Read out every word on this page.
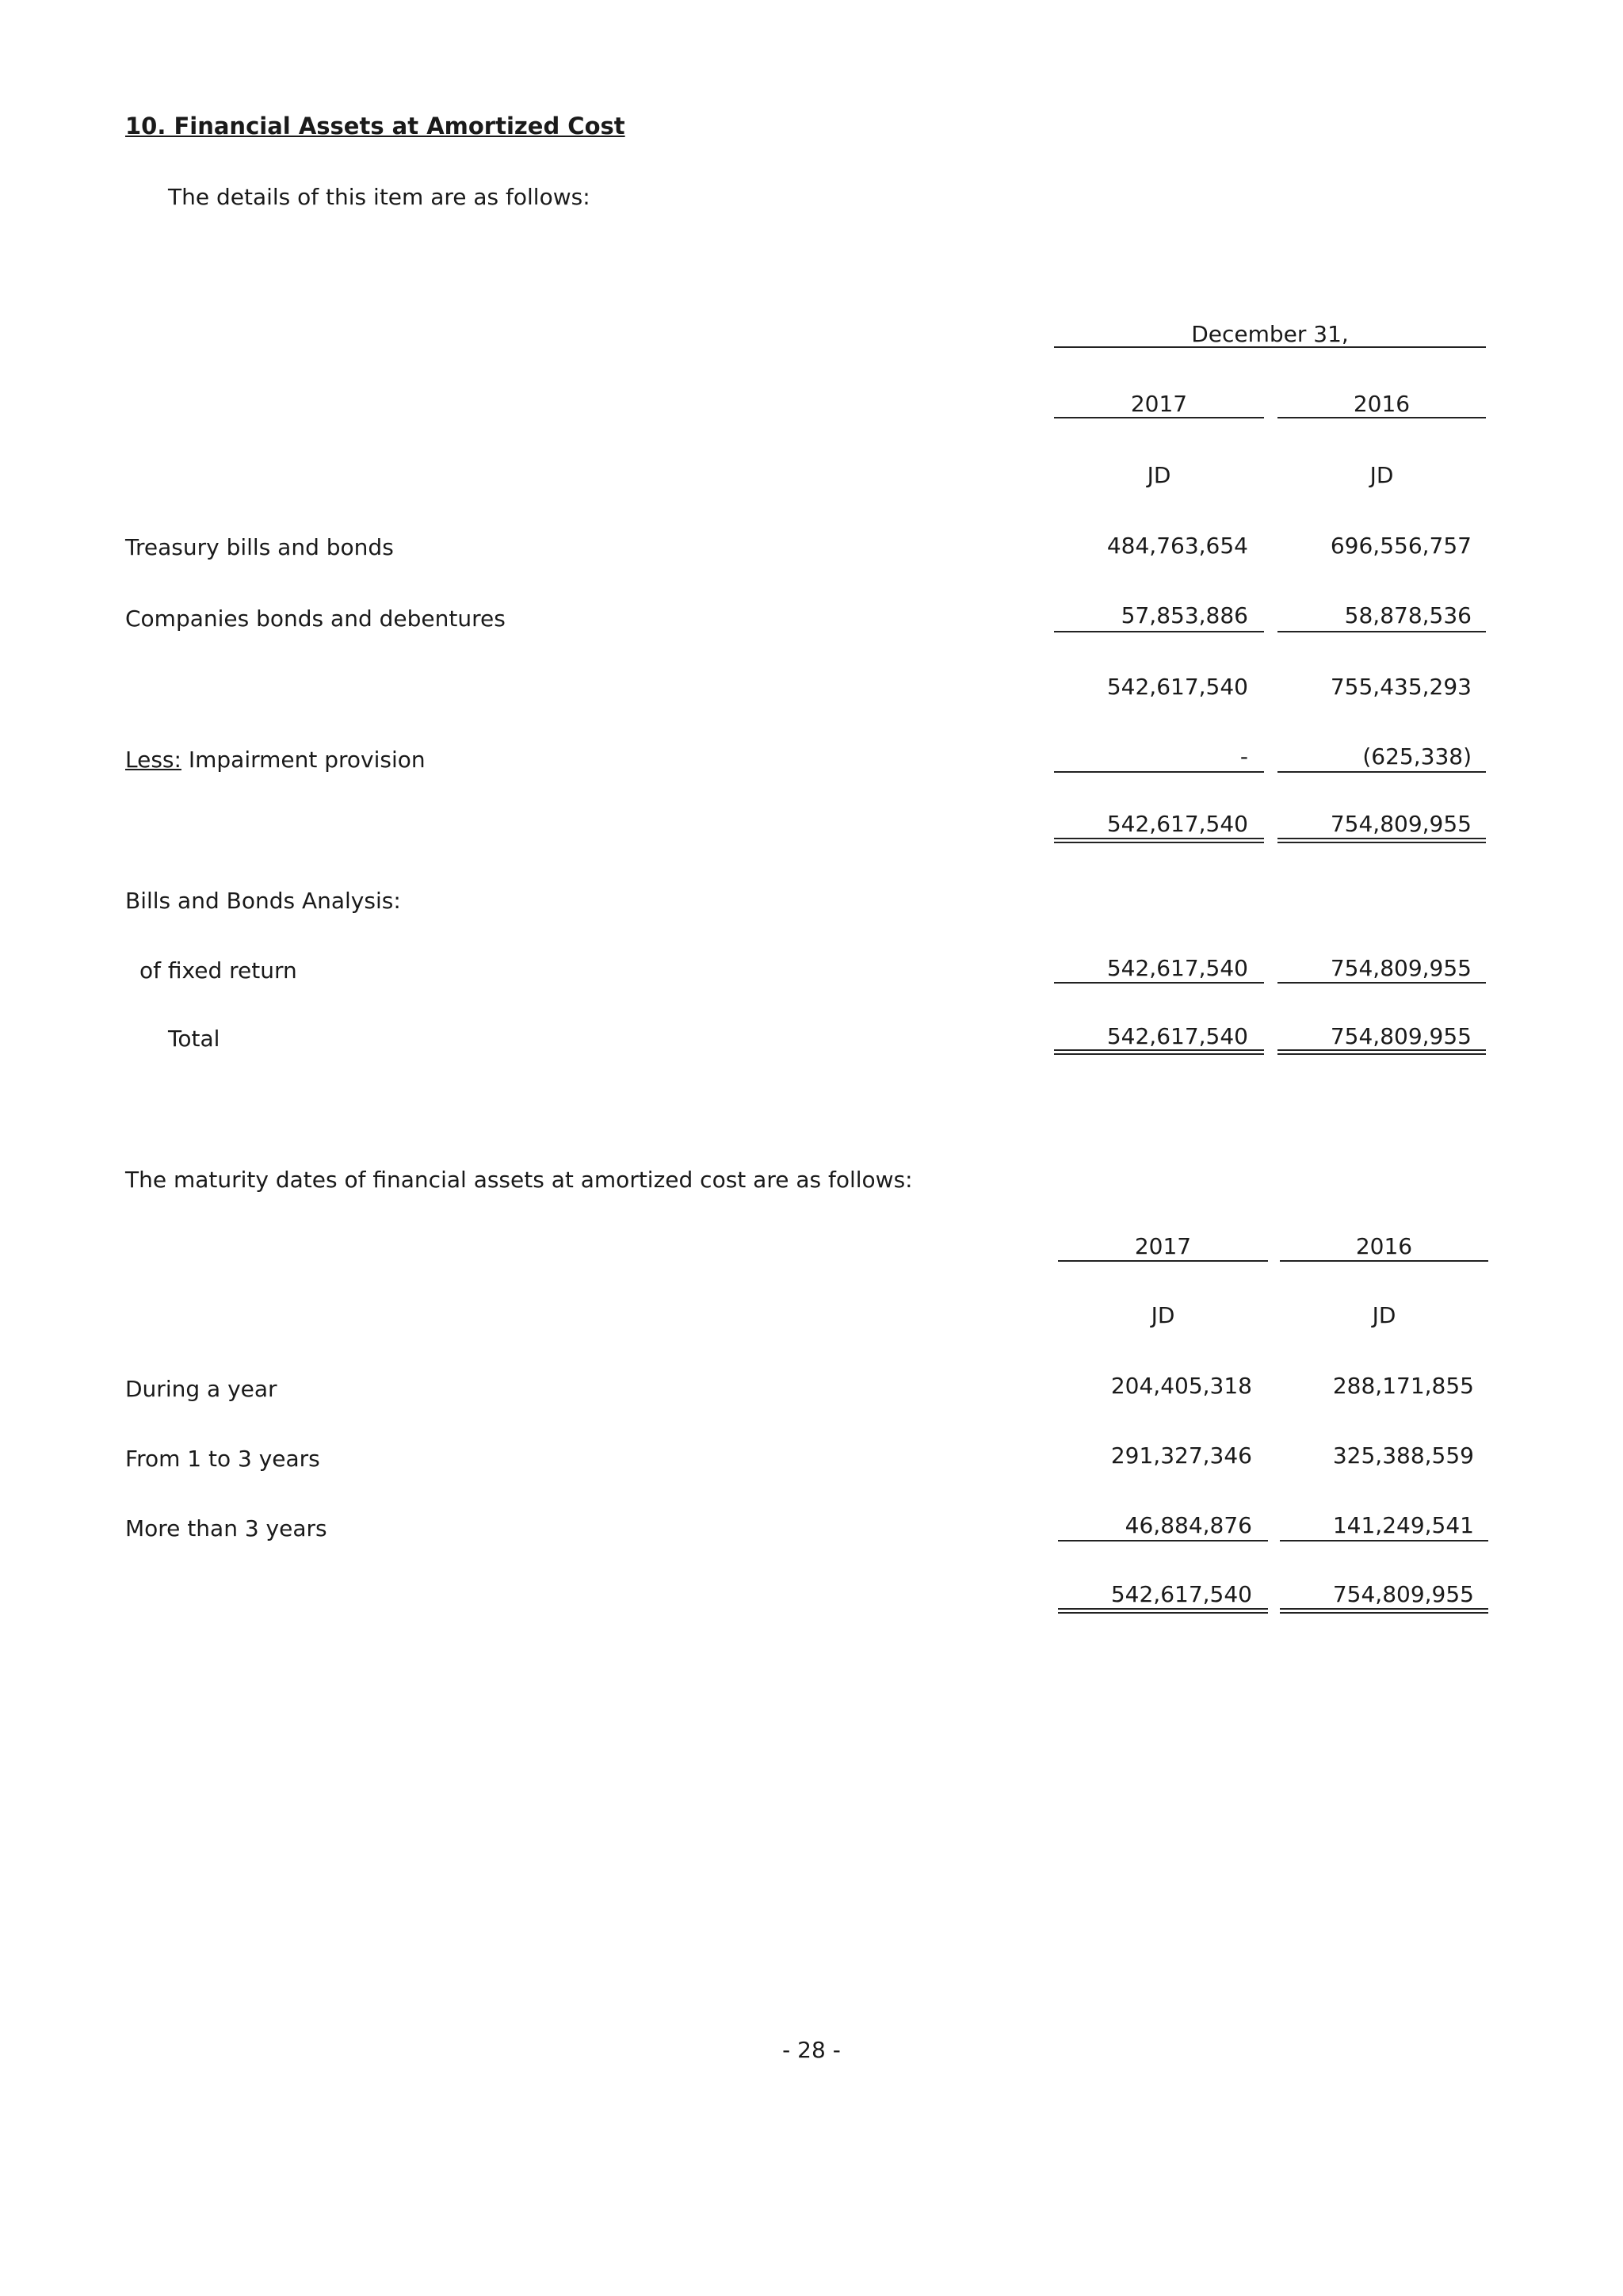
10. Financial Assets at Amortized Cost
The details of this item are as follows:
December 31,
2017	2016
JD	JD
Treasury bills and bonds	484,763,654	696,556,757
Companies bonds and debentures	57,853,886	58,878,536
542,617,540	755,435,293
Less: Impairment provision	-	(625,338)
542,617,540	754,809,955
Bills and Bonds Analysis:
of fixed return	542,617,540	754,809,955
Total	542,617,540	754,809,955
The maturity dates of financial assets at amortized cost are as follows:
2017	2016
JD	JD
During a year	204,405,318	288,171,855
From 1 to 3 years	291,327,346	325,388,559
More than 3 years	46,884,876	141,249,541
542,617,540	754,809,955
- 28 -
